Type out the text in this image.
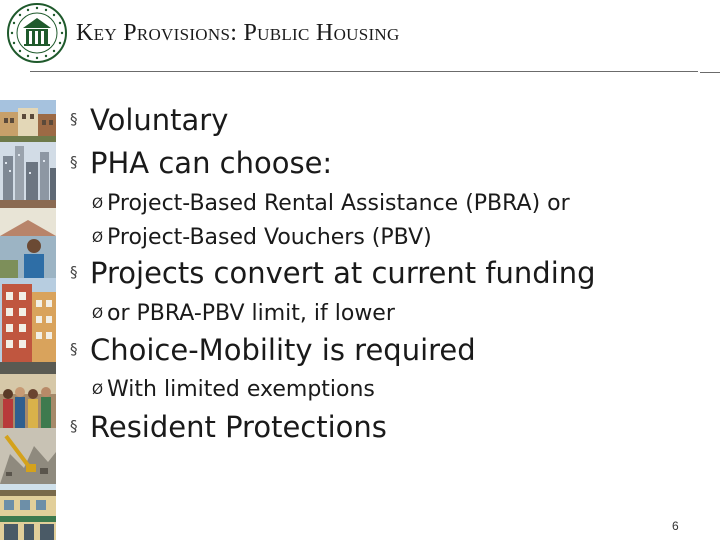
Key Provisions: Public Housing
§ Voluntary
§ PHA can choose:
Ø Project-Based Rental Assistance (PBRA) or
Ø Project-Based Vouchers (PBV)
§ Projects convert at current funding
Ø or PBRA-PBV limit, if lower
§ Choice-Mobility is required
Ø With limited exemptions
§ Resident Protections
6
